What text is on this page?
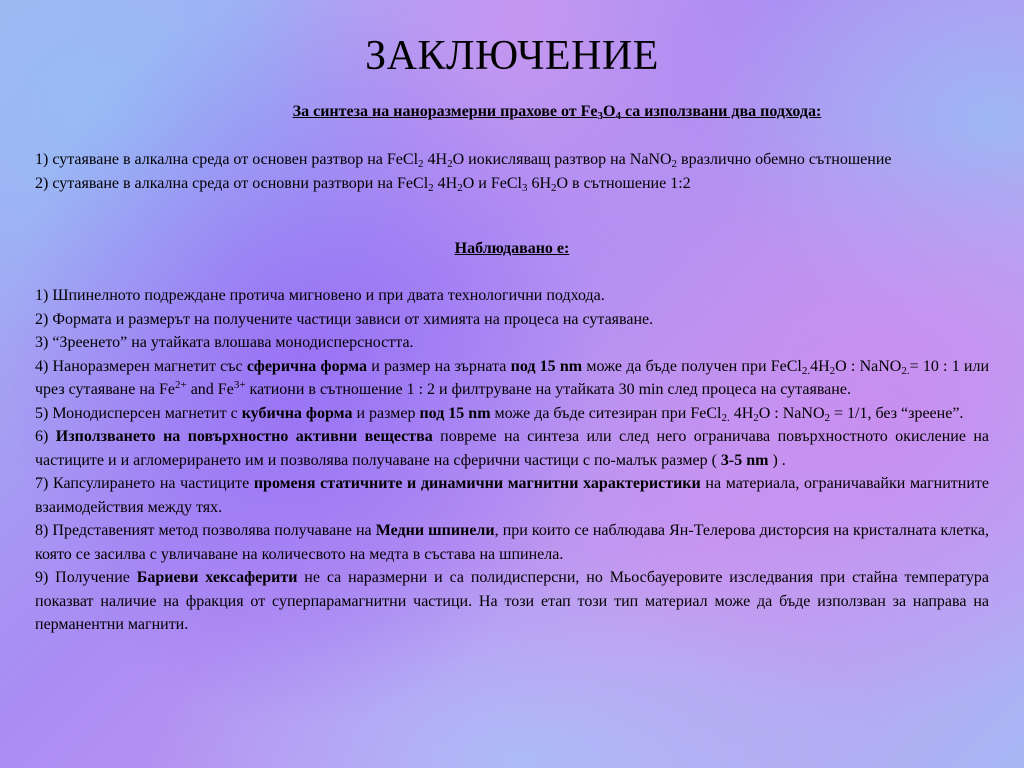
ЗАКЛЮЧЕНИЕ
За синтеза на наноразмерни прахове от $Fe_3O_4$ са използвани два подхода:

1) сутаяване в алкална среда от основен разтвор на FeCl$_2$ $4H_2O$ иокисляващ разтвор на NaNO$_2$ вразлично обемно сътношение

2) сутаяване в алкална среда от основни разтвори на FeCl$_2$ $4H_2O$ и FeCl$_3$ $6H_2O$ в сътношение 1:2

Наблюдавано е:

1) Шпинелното подреждане протича мигновено и при двата технологични подхода.

2) Формата и размерът на получените частици зависи от химията на процеса на сутаяване.

3) “Зреенето” на утайката влошава монодисперсността.

4) Наноразмерен магнетит със сферична форма и размер на зърната под 15 nm може да бъде получен при $FeCl_{2.}4H_2O$ : NaNO$_{2.}$= 10 : 1 или чрез сутаяване на $Fe^{2+}$ and $Fe^{3+}$ катиони в сътношение 1 : 2 и филтруване на утайката 30 min след процеса на сутаяване.

5) Монодисперсен магнетит с кубична форма и размер под 15 nm може да бъде ситезиран при FeCl$_{2.}$ $4H_2O$ : NaNO$_2$ = 1/1, без “зреене”.

6) Използването на повърхностно активни вещества повреме на синтеза или след него ограничава повърхностното окисление на частиците и и агломерирането им и позволява получаване на сферични частици с по-малък размер ( 3-5 nm ) .

7) Капсулирането на частиците променя статичните и динамични магнитни характеристики на материала, ограничавайки магнитните взаимодействия между тях.

8) Представеният метод позволява получаване на Медни шпинели, при които се наблюдава Ян-Телерова дисторсия на кристалната клетка, която се засилва с увличаване на количесвото на медта в състава на шпинела.

9) Получение Бариеви хексаферити не са наразмерни и са полидисперсни, но Мьосбауеровите изследвания при стайна температура показват наличие на фракция от суперпарамагнитни частици. На този етап този тип материал може да бъде използван за направа на перманентни магнити.
